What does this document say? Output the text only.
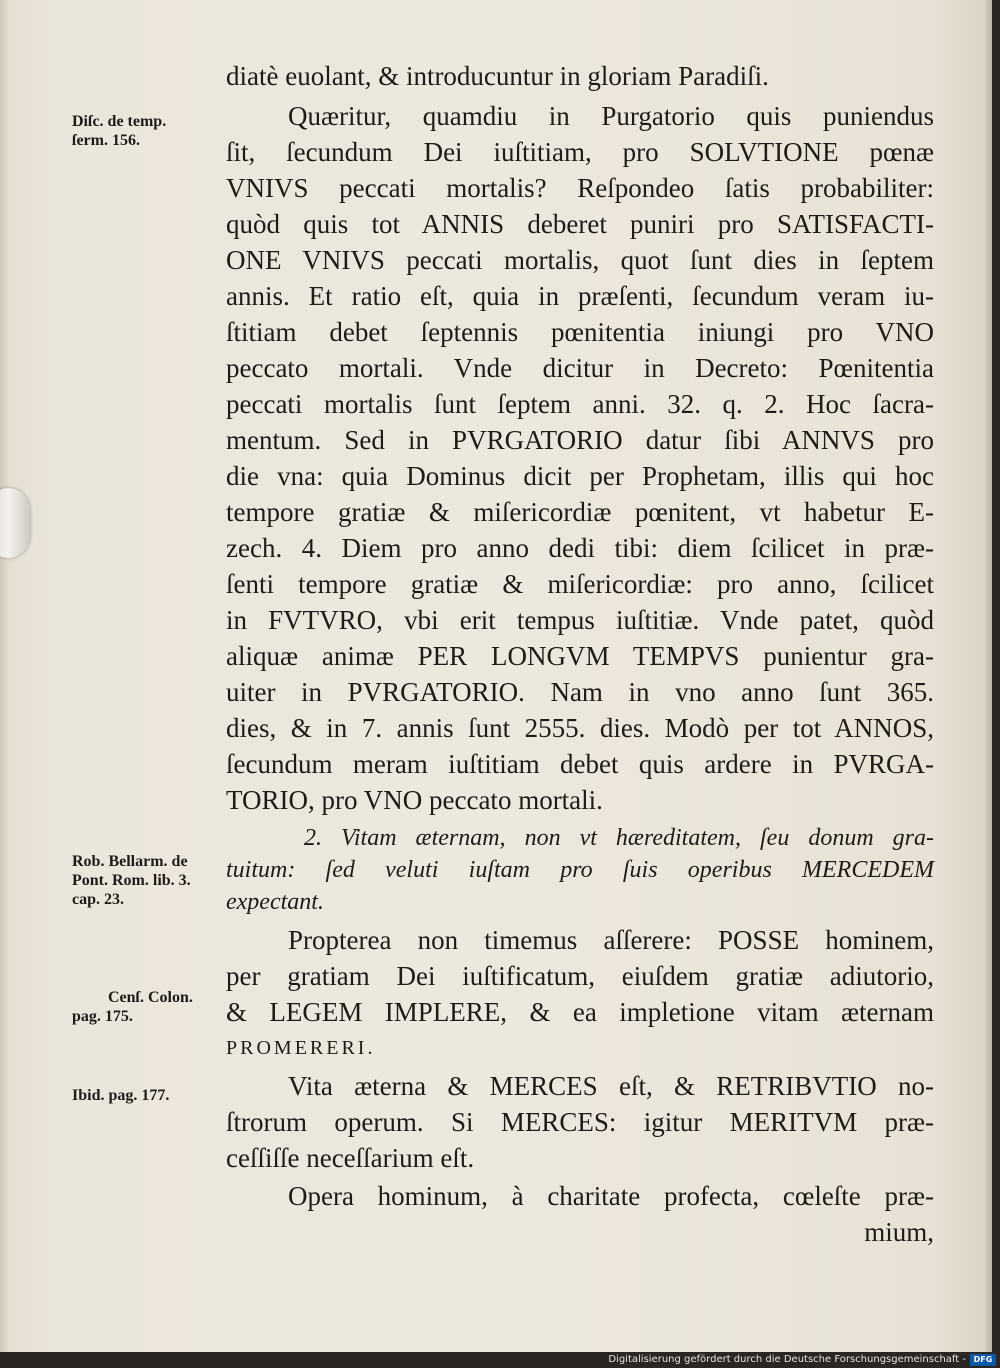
diatè euolant, & introducuntur in gloriam Paradiſi.
Diſc. de temp.
ſerm. 156.
Rob. Bellarm. de
Pont. Rom. lib. 3.
cap. 23.
Cenſ. Colon.
pag. 175.
Ibid. pag. 177.
Quæritur, quamdiu in Purgatorio quis puniendus
ſit, ſecundum Dei iuſtitiam, pro SOLVTIONE pœnæ
VNIVS peccati mortalis? Reſpondeo ſatis probabiliter:
quòd quis tot ANNIS deberet puniri pro SATISFACTI-
ONE VNIVS peccati mortalis, quot ſunt dies in ſeptem
annis. Et ratio eſt, quia in præſenti, ſecundum veram iu-
ſtitiam debet ſeptennis pœnitentia iniungi pro VNO
peccato mortali. Vnde dicitur in Decreto: Pœnitentia
peccati mortalis ſunt ſeptem anni. 32. q. 2. Hoc ſacra-
mentum. Sed in PVRGATORIO datur ſibi ANNVS pro
die vna: quia Dominus dicit per Prophetam, illis qui hoc
tempore gratiæ & miſericordiæ pœnitent, vt habetur E-
zech. 4. Diem pro anno dedi tibi: diem ſcilicet in præ-
ſenti tempore gratiæ & miſericordiæ: pro anno, ſcilicet
in FVTVRO, vbi erit tempus iuſtitiæ. Vnde patet, quòd
aliquæ animæ PER LONGVM TEMPVS punientur gra-
uiter in PVRGATORIO. Nam in vno anno ſunt 365.
dies, & in 7. annis ſunt 2555. dies. Modò per tot ANNOS,
ſecundum meram iuſtitiam debet quis ardere in PVRGA-
TORIO, pro VNO peccato mortali.
2. Vitam æternam, non vt hæreditatem, ſeu donum gra-
tuitum: ſed veluti iuſtam pro ſuis operibus MERCEDEM
expectant.
Propterea non timemus aſſerere: POSSE hominem,
per gratiam Dei iuſtificatum, eiuſdem gratiæ adiutorio,
& LEGEM IMPLERE, & ea impletione vitam æternam
PROMERERI.
Vita æterna & MERCES eſt, & RETRIBVTIO no-
ſtrorum operum. Si MERCES: igitur MERITVM præ-
ceſſiſſe neceſſarium eſt.
Opera hominum, à charitate profecta, cœleſte præ-
mium,
Digitalisierung gefördert durch die Deutsche Forschungsgemeinschaft - DFG
